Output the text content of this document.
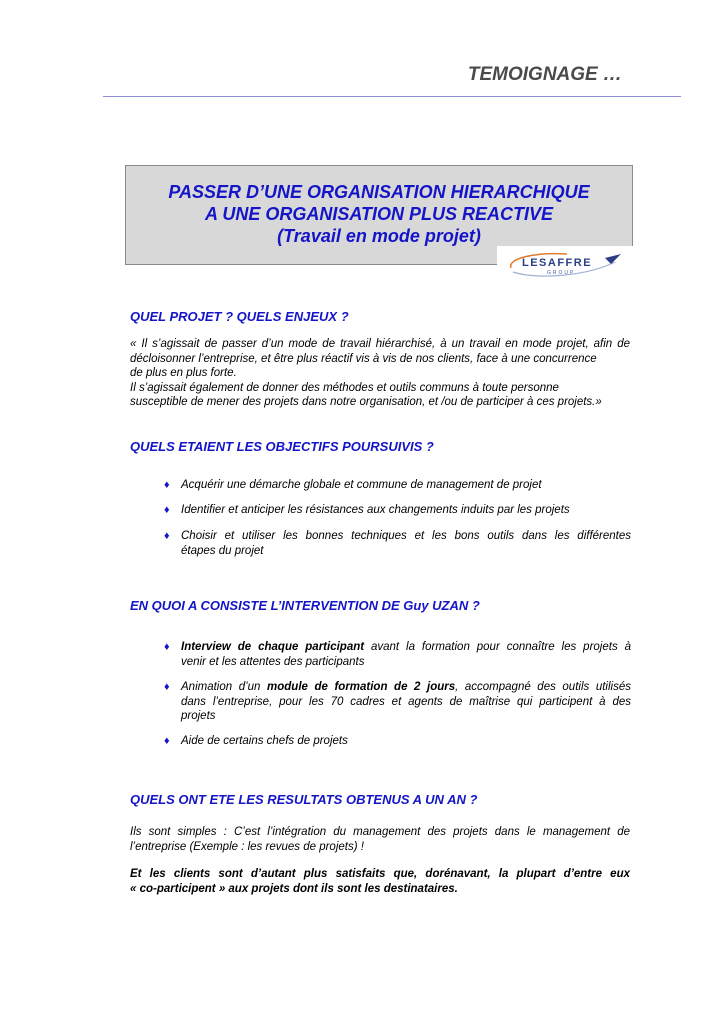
TEMOIGNAGE …
PASSER D’UNE ORGANISATION HIERARCHIQUE
A UNE ORGANISATION PLUS REACTIVE
(Travail en mode projet)
LESAFFRE
GROUP
QUEL PROJET ? QUELS ENJEUX ?
« Il s’agissait de passer d’un mode de travail hiérarchisé, à un travail en mode projet, afin de
décloisonner l’entreprise, et être plus réactif vis à vis de nos clients, face à une concurrence
de plus en plus forte.
Il s’agissait également de donner des méthodes et outils communs à toute personne
susceptible de mener des projets dans notre organisation, et /ou de participer à ces projets.»
QUELS ETAIENT LES OBJECTIFS POURSUIVIS ?
♦ Acquérir une démarche globale et commune de management de projet
♦ Identifier et anticiper les résistances aux changements induits par les projets
♦ Choisir et utiliser les bonnes techniques et les bons outils dans les différentes
étapes du projet
EN QUOI A CONSISTE L’INTERVENTION DE Guy UZAN ?
♦ Interview de chaque participant avant la formation pour connaître les projets à
venir et les attentes des participants
♦ Animation d’un module de formation de 2 jours, accompagné des outils utilisés
dans l’entreprise, pour les 70 cadres et agents de maîtrise qui participent à des
projets
♦ Aide de certains chefs de projets
QUELS ONT ETE LES RESULTATS OBTENUS A UN AN ?
Ils sont simples : C’est l’intégration du management des projets dans le management de
l’entreprise (Exemple : les revues de projets) !
Et les clients sont d’autant plus satisfaits que, dorénavant, la plupart d’entre eux
« co-participent » aux projets dont ils sont les destinataires.
